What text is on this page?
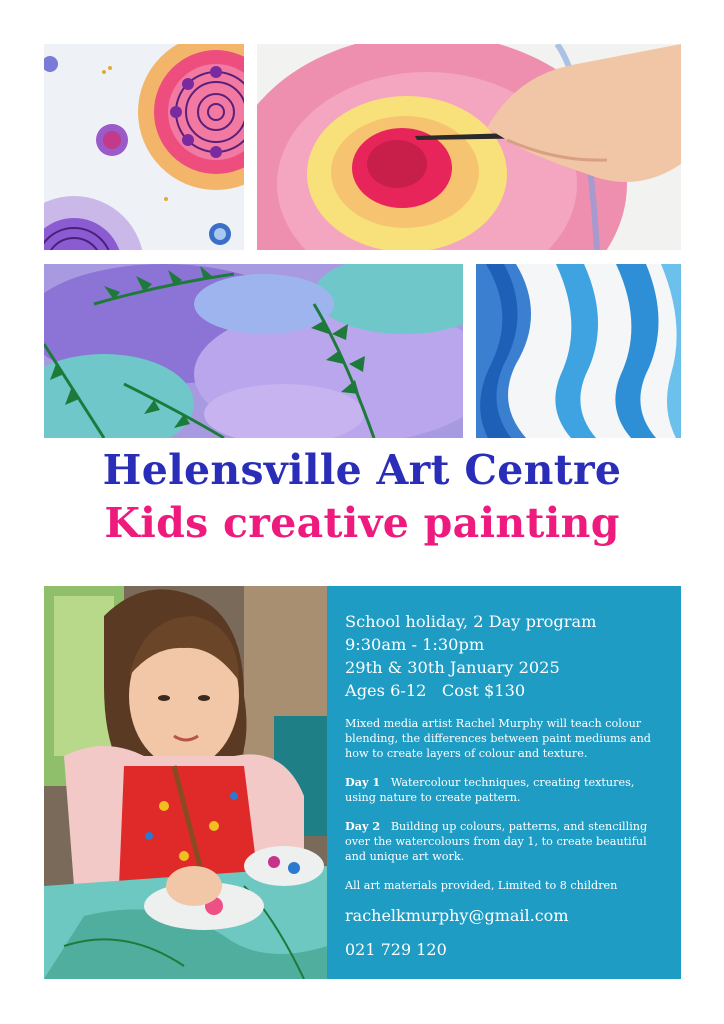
Helensville Art Centre
Kids creative painting

School holiday, 2 Day program

9:30am - 1:30pm

29th & 30th January 2025

Ages 6-12   Cost $130

Mixed media artist Rachel Murphy will teach colour blending, the differences between paint mediums and how to create layers of colour and texture.

Day 1 Watercolour techniques, creating textures, using nature to create pattern.

Day 2 Building up colours, patterns, and stencilling over the watercolours from day 1, to create beautiful and unique art work.

All art materials provided, Limited to 8 children

rachelkmurphy@gmail.com

021 729 120
